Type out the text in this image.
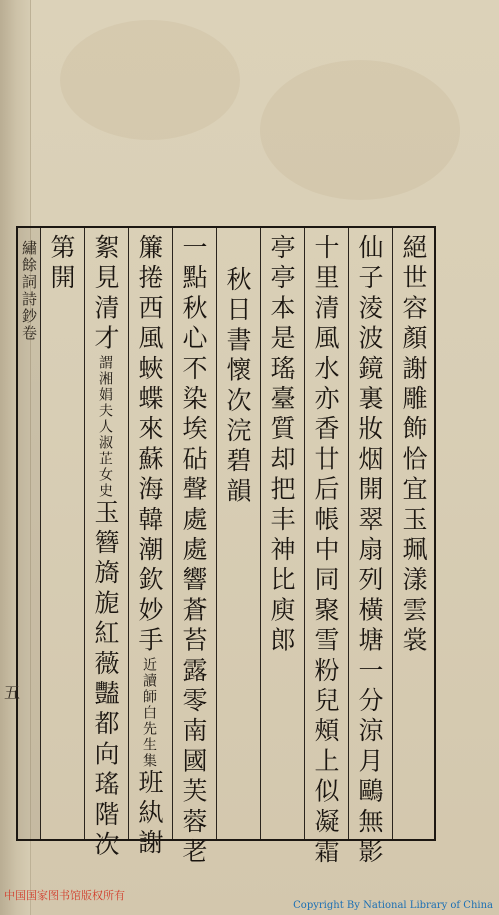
繡餘詞詩鈔卷	絕世容顏謝雕飾恰宜玉珮漾雲裳
仙子淩波鏡裏妝烟開翠扇列橫塘一分涼月鷗無影
十里清風水亦香廿后帳中同聚雪粉兒頰上似凝霜
亭亭本是瑤臺質却把丰神比庾郎
秋日書懷次浣碧韻
一點秋心不染埃砧聲處處響蒼苔露零南國芙蓉老
簾捲西風蛺蝶來蘇海韓潮欽妙手近讀師白先生集班紈謝
絮見清才謂湘娟夫人淑芷女史玉簪旖旎紅薇豔都向瑤階次
第開
五
中国国家图书馆版权所有
Copyright By National Library of China
